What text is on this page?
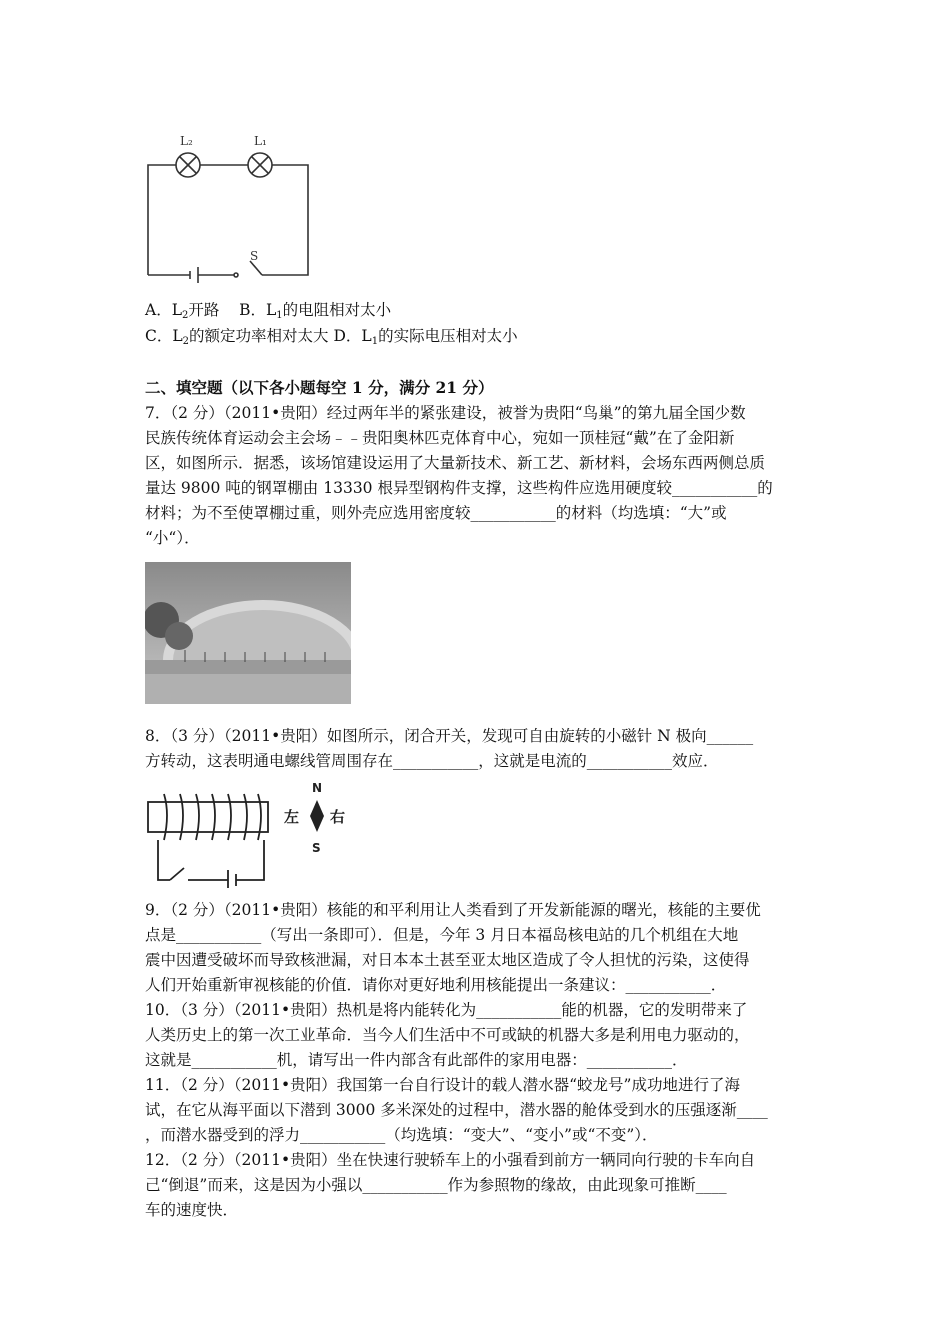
L₂	L₁
S
A．$L_2$开路 B．$L_1$的电阻相对太小
C．$L_2$的额定功率相对太大 D．$L_1$的实际电压相对太小
二、填空题（以下各小题每空 1 分，满分 21 分）
7．（2 分）（2011•贵阳）经过两年半的紧张建设，被誉为贵阳“鸟巢”的第九届全国少数
民族传统体育运动会主会场﹣﹣贵阳奥林匹克体育中心，宛如一顶桂冠“戴”在了金阳新
区，如图所示．据悉，该场馆建设运用了大量新技术、新工艺、新材料，会场东西两侧总质
量达 9800 吨的钢罩棚由 13330 根异型钢构件支撑，这些构件应选用硬度较___________的
材料；为不至使罩棚过重，则外壳应选用密度较___________的材料（均选填：“大”或
“小“）．
8．（3 分）（2011•贵阳）如图所示，闭合开关，发现可自由旋转的小磁针 N 极向______
方转动，这表明通电螺线管周围存在___________，这就是电流的___________效应．
左 右
N
S
9．（2 分）（2011•贵阳）核能的和平利用让人类看到了开发新能源的曙光，核能的主要优
点是___________（写出一条即可）．但是，今年 3 月日本福岛核电站的几个机组在大地
震中因遭受破坏而导致核泄漏，对日本本土甚至亚太地区造成了令人担忧的污染，这使得
人们开始重新审视核能的价值．请你对更好地利用核能提出一条建议：___________．
10．（3 分）（2011•贵阳）热机是将内能转化为___________能的机器，它的发明带来了
人类历史上的第一次工业革命．当今人们生活中不可或缺的机器大多是利用电力驱动的，
这就是___________机，请写出一件内部含有此部件的家用电器：___________．
11．（2 分）（2011•贵阳）我国第一台自行设计的载人潜水器“蛟龙号”成功地进行了海
试，在它从海平面以下潜到 3000 多米深处的过程中，潜水器的舱体受到水的压强逐渐____
，而潜水器受到的浮力___________（均选填：“变大”、“变小”或“不变”）．
12．（2 分）（2011•贵阳）坐在快速行驶轿车上的小强看到前方一辆同向行驶的卡车向自
己“倒退”而来，这是因为小强以___________作为参照物的缘故，由此现象可推断____
车的速度快．
